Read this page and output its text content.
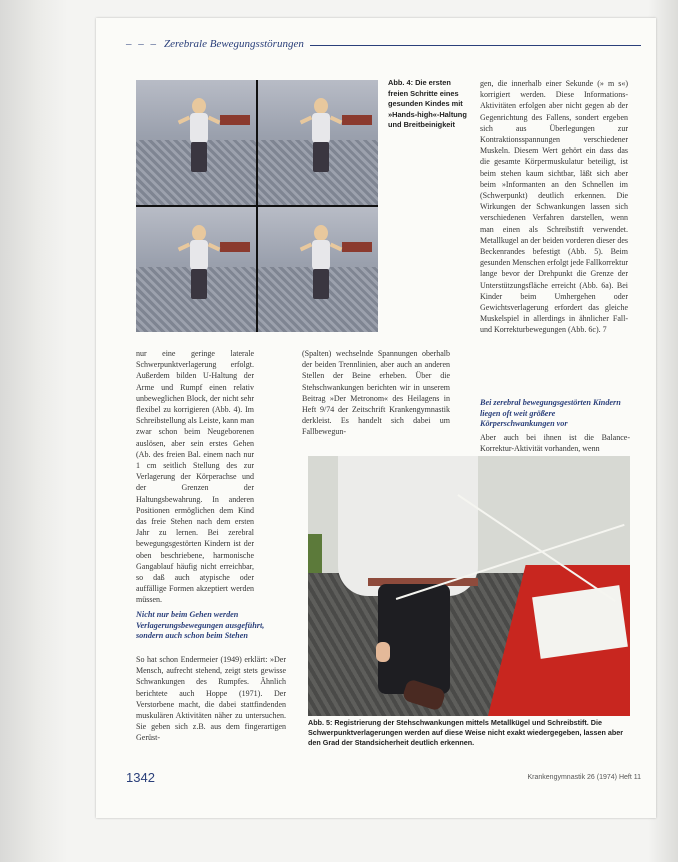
– – – Zerebrale Bewegungsstörungen
Abb. 4: Die ersten freien Schritte eines gesunden Kindes mit »Hands-high«-Haltung und Breitbeinigkeit

gen, die innerhalb einer Sekunde (» m s«) korrigiert werden. Diese Informations-Aktivitäten erfolgen aber nicht gegen ab der Gegenrichtung des Fallens, sondert ergeben sich aus Überlegungen zur Kontraktionsspannungen verschiedener Muskeln. Diesem Wert gehört ein dass das die gesamte Körpermuskulatur beteiligt, ist beim stehen kaum sichtbar, läßt sich aber beim »Informanten an den Schnellen im (Schwerpunkt) deutlich erkennen. Die Wirkungen der Schwankungen lassen sich verschiedenen Verfahren darstellen, wenn man einen als Schreibstift verwendet. Metallkugel an der beiden vorderen dieser des Beckenrandes befestigt (Abb. 5). Beim gesunden Menschen erfolgt jede Fallkorrektur lange bevor der Drehpunkt die Grenze der Unterstützungsfläche erreicht (Abb. 6a). Bei Kinder beim Umhergehen oder Gewichtsverlagerung erfordert das gleiche Muskelspiel in allerdings in ähnlicher Fall- und Korrekturbewegungen (Abb. 6c). 7

nur eine geringe laterale Schwerpunktverlagerung erfolgt. Außerdem bilden U-Haltung der Arme und Rumpf einen relativ unbeweglichen Block, der nicht sehr flexibel zu korrigieren (Abb. 4). Im Schreibstellung als Leiste, kann man zwar schon beim Neugeborenen auslösen, aber sein erstes Gehen (Ab. des freien Bal. einem nach nur 1 cm seitlich Stellung des zur Verlagerung der Körperachse und der Grenzen der Haltungsbewahrung. In anderen Positionen ermöglichen dem Kind das freie Stehen nach dem ersten Jahr zu lernen. Bei zerebral bewegungsgestörten Kindern ist der oben beschriebene, harmonische Gangablauf häufig nicht erreichbar, so daß auch atypische oder auffällige Formen akzeptiert werden müssen.

(Spalten) wechselnde Spannungen oberhalb der beiden Trennlinien, aber auch an anderen Stellen der Beine erheben. Über die Stehschwankungen berichten wir in unserem Beitrag »Der Metronom« des Heilagens in Heft 9/74 der Zeitschrift Krankengymnastik derkleist. Es handelt sich dabei um Fallbewegun-

Nicht nur beim Gehen werden Verlagerungsbewegungen ausgeführt, sondern auch schon beim Stehen

So hat schon Endermeier (1949) erklärt: »Der Mensch, aufrecht stehend, zeigt stets gewisse Schwankungen des Rumpfes. Ähnlich berichtete auch Hoppe (1971). Der Verstorbene macht, die dabei stattfindenden muskulären Aktivitäten näher zu untersuchen. Sie geben sich z.B. aus dem fingerartigen Gerüst-

Bei zerebral bewegungsgestörten Kindern liegen oft weit größere Körperschwankungen vor

Aber auch bei ihnen ist die Balance-Korrektur-Aktivität vorhanden, wenn

Abb. 5: Registrierung der Stehschwankungen mittels Metallkügel und Schreibstift. Die Schwerpunktverlagerungen werden auf diese Weise nicht exakt wiedergegeben, lassen aber den Grad der Standsicherheit deutlich erkennen.
1342	Krankengymnastik 26 (1974) Heft 11
